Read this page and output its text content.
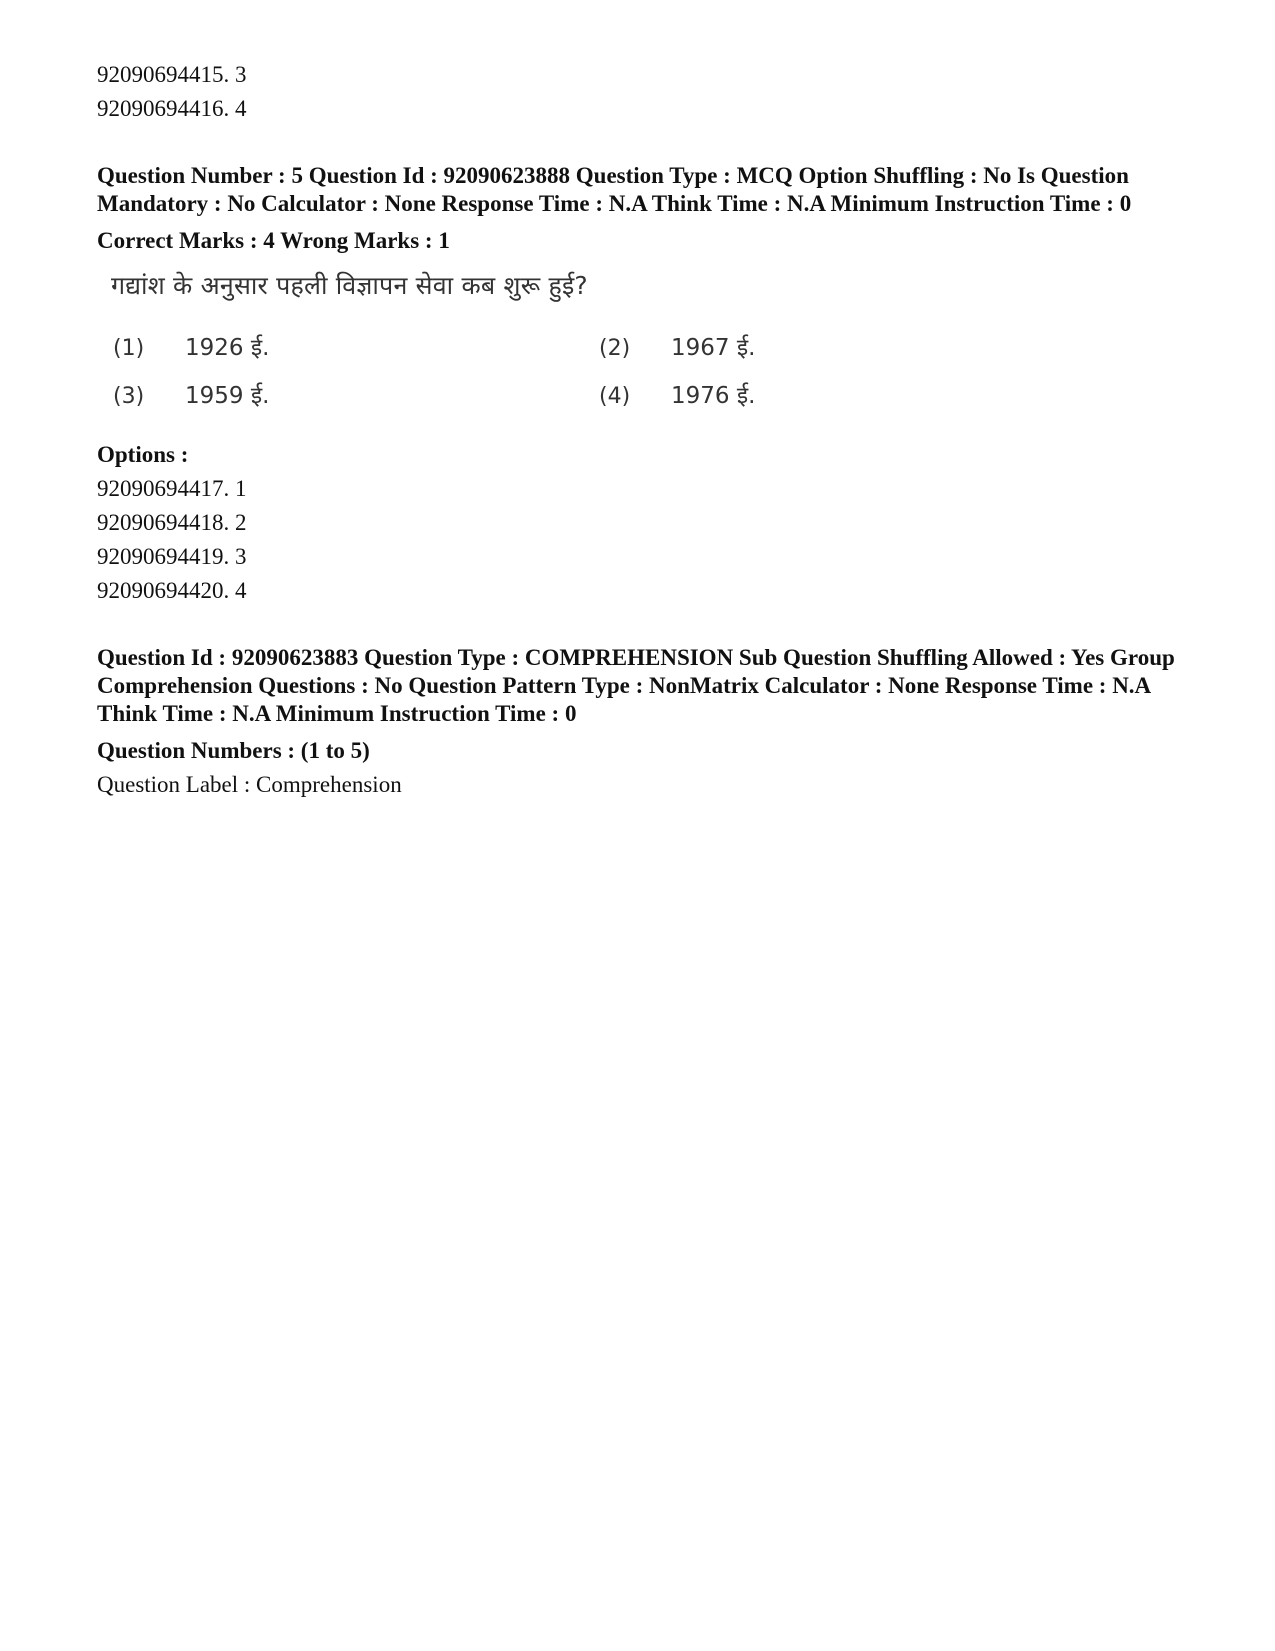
92090694415. 3

92090694416. 4

Question Number : 5 Question Id : 92090623888 Question Type : MCQ Option Shuffling : No Is Question Mandatory : No Calculator : None Response Time : N.A Think Time : N.A Minimum Instruction Time : 0

Correct Marks : 4 Wrong Marks : 1

गद्यांश के अनुसार पहली विज्ञापन सेवा कब शुरू हुई?
(1) 1926 ई.	(2) 1967 ई.
(3) 1959 ई.	(4) 1976 ई.

Options :

92090694417. 1

92090694418. 2

92090694419. 3

92090694420. 4

Question Id : 92090623883 Question Type : COMPREHENSION Sub Question Shuffling Allowed : Yes Group Comprehension Questions : No Question Pattern Type : NonMatrix Calculator : None Response Time : N.A Think Time : N.A Minimum Instruction Time : 0

Question Numbers : (1 to 5)

Question Label : Comprehension
